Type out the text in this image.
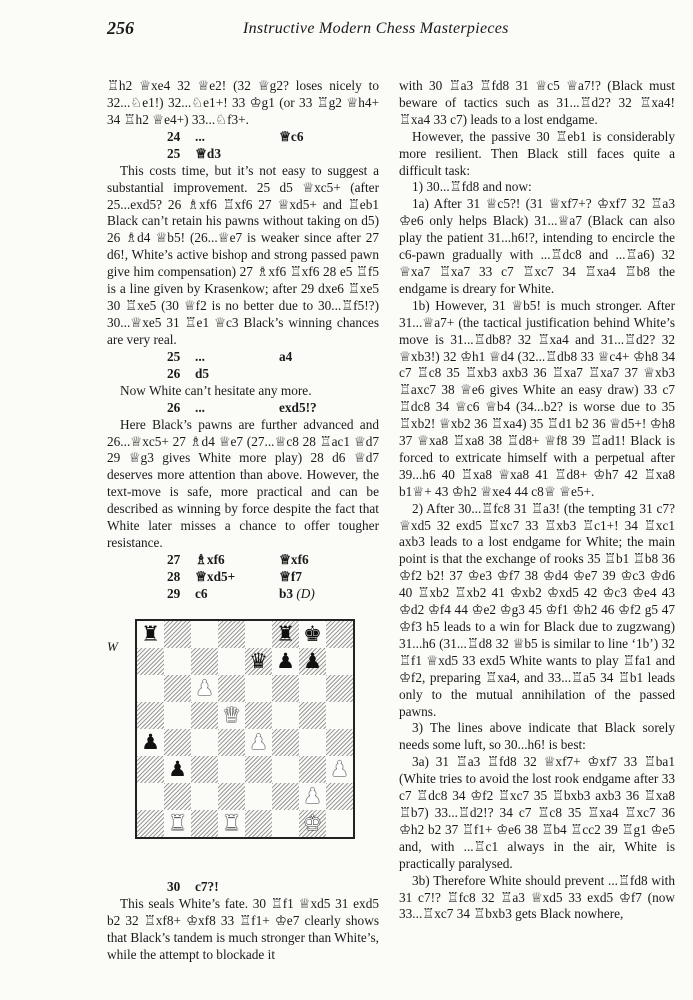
256	Instructive Modern Chess Masterpieces

♖h2 ♕xe4 32 ♕e2! (32 ♕g2? loses nicely to 32...♘e1!) 32...♘e1+! 33 ♔g1 (or 33 ♖g2 ♕h4+ 34 ♖h2 ♕e4+) 33...♘f3+.

24 ...	♕c6
25 ♕d3

This costs time, but it’s not easy to suggest a substantial improvement. 25 d5 ♕xc5+ (after 25...exd5? 26 ♗xf6 ♖xf6 27 ♕xd5+ and ♖eb1 Black can’t retain his pawns without taking on d5) 26 ♗d4 ♕b5! (26...♕e7 is weaker since after 27 d6!, White’s active bishop and strong passed pawn give him compensation) 27 ♗xf6 ♖xf6 28 e5 ♖f5 is a line given by Krasenkow; after 29 dxe6 ♖xe5 30 ♖xe5 (30 ♕f2 is no better due to 30...♖f5!?) 30...♕xe5 31 ♖e1 ♕c3 Black’s winning chances are very real.

25 ...	a4
26 d5

Now White can’t hesitate any more.

26 ...	exd5!?

Here Black’s pawns are further advanced and 26...♕xc5+ 27 ♗d4 ♕e7 (27...♕c8 28 ♖ac1 ♕d7 29 ♕g3 gives White more play) 28 d6 ♕d7 deserves more attention than above. However, the text-move is safe, more practical and can be described as winning by force despite the fact that White later misses a chance to offer tougher resistance.

27 ♗xf6	♕xf6
28 ♕xd5+	♕f7
29 c6	b3 (D)
W
♜	♜ ♚
♛ ♟ ♟
♟
♛
♟	♟
♟	♟
♟
♜ ♜	♚
30 c7?!

This seals White’s fate. 30 ♖f1 ♕xd5 31 exd5 b2 32 ♖xf8+ ♔xf8 33 ♖f1+ ♔e7 clearly shows that Black’s tandem is much stronger than White’s, while the attempt to blockade it

with 30 ♖a3 ♖fd8 31 ♕c5 ♕a7!? (Black must beware of tactics such as 31...♖d2? 32 ♖xa4! ♖xa4 33 c7) leads to a lost endgame.

However, the passive 30 ♖eb1 is considerably more resilient. Then Black still faces quite a difficult task:

1) 30...♖fd8 and now:

1a) After 31 ♕c5?! (31 ♕xf7+? ♔xf7 32 ♖a3 ♔e6 only helps Black) 31...♕a7 (Black can also play the patient 31...h6!?, intending to encircle the c6-pawn gradually with ...♖dc8 and ...♖a6) 32 ♕xa7 ♖xa7 33 c7 ♖xc7 34 ♖xa4 ♖b8 the endgame is dreary for White.

1b) However, 31 ♕b5! is much stronger. After 31...♕a7+ (the tactical justification behind White’s move is 31...♖db8? 32 ♖xa4 and 31...♖d2? 32 ♕xb3!) 32 ♔h1 ♕d4 (32...♖db8 33 ♕c4+ ♔h8 34 c7 ♖c8 35 ♖xb3 axb3 36 ♖xa7 ♖xa7 37 ♕xb3 ♖axc7 38 ♕e6 gives White an easy draw) 33 c7 ♖dc8 34 ♕c6 ♕b4 (34...b2? is worse due to 35 ♖xb2! ♕xb2 36 ♖xa4) 35 ♖d1 b2 36 ♕d5+! ♔h8 37 ♕xa8 ♖xa8 38 ♖d8+ ♕f8 39 ♖ad1! Black is forced to extricate himself with a perpetual after 39...h6 40 ♖xa8 ♕xa8 41 ♖d8+ ♔h7 42 ♖xa8 b1♕+ 43 ♔h2 ♕xe4 44 c8♕ ♕e5+.

2) After 30...♖fc8 31 ♖a3! (the tempting 31 c7? ♕xd5 32 exd5 ♖xc7 33 ♖xb3 ♖c1+! 34 ♖xc1 axb3 leads to a lost endgame for White; the main point is that the exchange of rooks 35 ♖b1 ♖b8 36 ♔f2 b2! 37 ♔e3 ♔f7 38 ♔d4 ♔e7 39 ♔c3 ♔d6 40 ♖xb2 ♖xb2 41 ♔xb2 ♔xd5 42 ♔c3 ♔e4 43 ♔d2 ♔f4 44 ♔e2 ♔g3 45 ♔f1 ♔h2 46 ♔f2 g5 47 ♔f3 h5 leads to a win for Black due to zugzwang) 31...h6 (31...♖d8 32 ♕b5 is similar to line ‘1b’) 32 ♖f1 ♕xd5 33 exd5 White wants to play ♖fa1 and ♔f2, preparing ♖xa4, and 33...♖a5 34 ♖b1 leads only to the mutual annihilation of the passed pawns.

3) The lines above indicate that Black sorely needs some luft, so 30...h6! is best:

3a) 31 ♖a3 ♖fd8 32 ♕xf7+ ♔xf7 33 ♖ba1 (White tries to avoid the lost rook endgame after 33 c7 ♖dc8 34 ♔f2 ♖xc7 35 ♖bxb3 axb3 36 ♖xa8 ♖b7) 33...♖d2!? 34 c7 ♖c8 35 ♖xa4 ♖xc7 36 ♔h2 b2 37 ♖f1+ ♔e6 38 ♖b4 ♖cc2 39 ♖g1 ♔e5 and, with ...♖c1 always in the air, White is practically paralysed.

3b) Therefore White should prevent ...♖fd8 with 31 c7!? ♖fc8 32 ♖a3 ♕xd5 33 exd5 ♔f7 (now 33...♖xc7 34 ♖bxb3 gets Black nowhere,
